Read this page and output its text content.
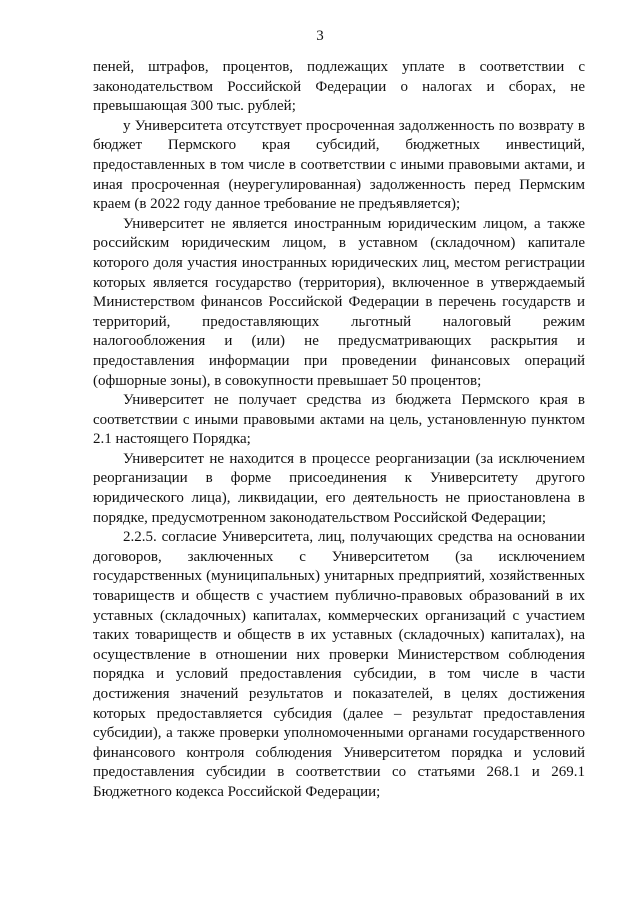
3

пеней, штрафов, процентов, подлежащих уплате в соответствии с законодательством Российской Федерации о налогах и сборах, не превышающая 300 тыс. рублей;

у Университета отсутствует просроченная задолженность по возврату в бюджет Пермского края субсидий, бюджетных инвестиций, предоставленных в том числе в соответствии с иными правовыми актами, и иная просроченная (неурегулированная) задолженность перед Пермским краем (в 2022 году данное требование не предъявляется);

Университет не является иностранным юридическим лицом, а также российским юридическим лицом, в уставном (складочном) капитале которого доля участия иностранных юридических лиц, местом регистрации которых является государство (территория), включенное в утверждаемый Министерством финансов Российской Федерации в перечень государств и территорий, предоставляющих льготный налоговый режим налогообложения и (или) не предусматривающих раскрытия и предоставления информации при проведении финансовых операций (офшорные зоны), в совокупности превышает 50 процентов;

Университет не получает средства из бюджета Пермского края в соответствии с иными правовыми актами на цель, установленную пунктом 2.1 настоящего Порядка;

Университет не находится в процессе реорганизации (за исключением реорганизации в форме присоединения к Университету другого юридического лица), ликвидации, его деятельность не приостановлена в порядке, предусмотренном законодательством Российской Федерации;

2.2.5. согласие Университета, лиц, получающих средства на основании договоров, заключенных с Университетом (за исключением государственных (муниципальных) унитарных предприятий, хозяйственных товариществ и обществ с участием публично-правовых образований в их уставных (складочных) капиталах, коммерческих организаций с участием таких товариществ и обществ в их уставных (складочных) капиталах), на осуществление в отношении них проверки Министерством соблюдения порядка и условий предоставления субсидии, в том числе в части достижения значений результатов и показателей, в целях достижения которых предоставляется субсидия (далее – результат предоставления субсидии), а также проверки уполномоченными органами государственного финансового контроля соблюдения Университетом порядка и условий предоставления субсидии в соответствии со статьями 268.1 и 269.1 Бюджетного кодекса Российской Федерации;
